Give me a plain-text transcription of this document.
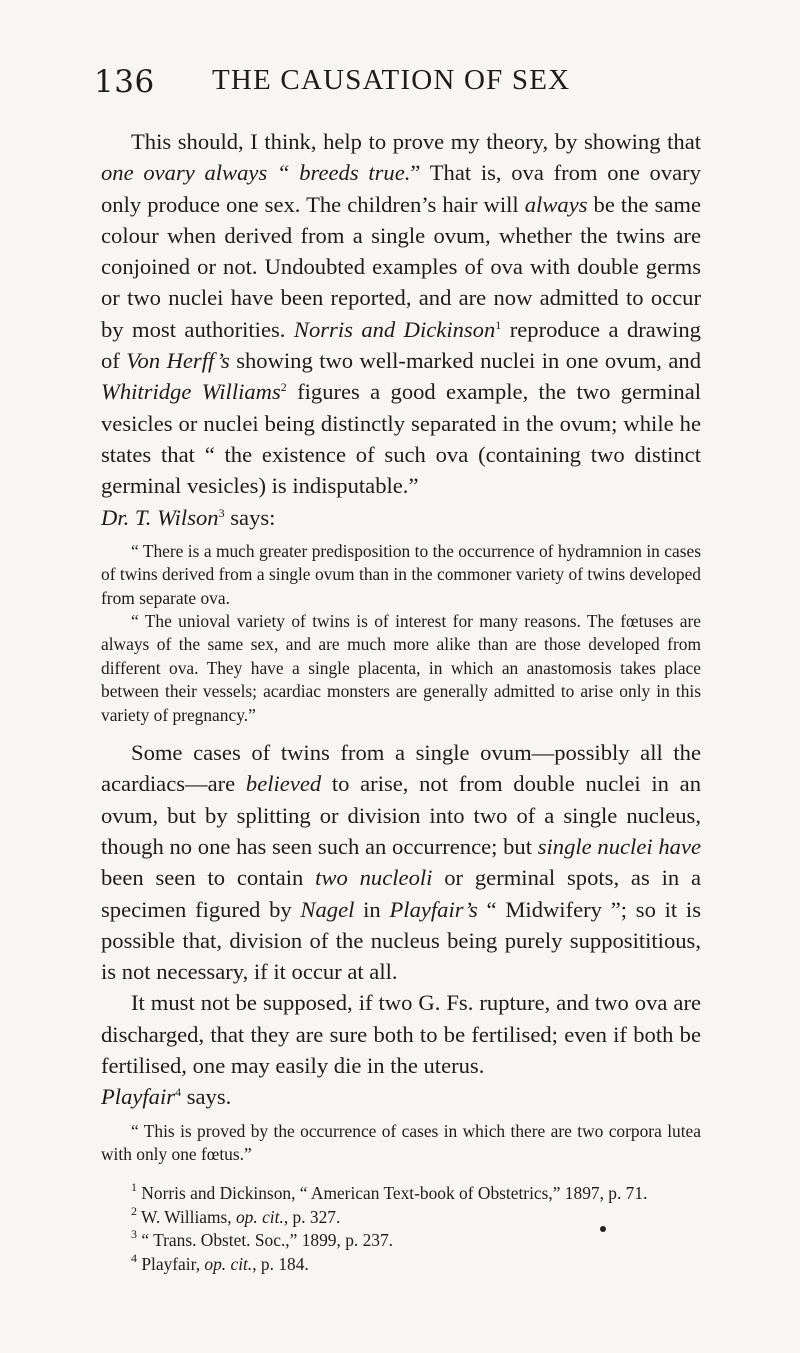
136 THE CAUSATION OF SEX

This should, I think, help to prove my theory, by showing that one ovary always “ breeds true.” That is, ova from one ovary only produce one sex. The children’s hair will always be the same colour when derived from a single ovum, whether the twins are conjoined or not. Undoubted examples of ova with double germs or two nuclei have been reported, and are now admitted to occur by most authorities. Norris and Dickinson$^1$ reproduce a drawing of Von Herff’s showing two well-marked nuclei in one ovum, and Whitridge Williams$^2$ figures a good example, the two germinal vesicles or nuclei being distinctly separated in the ovum; while he states that “ the existence of such ova (containing two distinct germinal vesicles) is indisputable.”

Dr. T. Wilson$^3$ says:

“ There is a much greater predisposition to the occurrence of hydramnion in cases of twins derived from a single ovum than in the commoner variety of twins developed from separate ova.

“ The unioval variety of twins is of interest for many reasons. The fœtuses are always of the same sex, and are much more alike than are those developed from different ova. They have a single placenta, in which an anastomosis takes place between their vessels; acardiac monsters are generally admitted to arise only in this variety of pregnancy.”

Some cases of twins from a single ovum—possibly all the acardiacs—are believed to arise, not from double nuclei in an ovum, but by splitting or division into two of a single nucleus, though no one has seen such an occurrence; but single nuclei have been seen to contain two nucleoli or germinal spots, as in a specimen figured by Nagel in Playfair’s “ Midwifery ”; so it is possible that, division of the nucleus being purely supposititious, is not necessary, if it occur at all.

It must not be supposed, if two G. Fs. rupture, and two ova are discharged, that they are sure both to be fertilised; even if both be fertilised, one may easily die in the uterus.

Playfair$^4$ says.

“ This is proved by the occurrence of cases in which there are two corpora lutea with only one fœtus.”

$^1$ Norris and Dickinson, “ American Text-book of Obstetrics,” 1897, p. 71.
$^2$ W. Williams, op. cit., p. 327.
$^3$ “ Trans. Obstet. Soc.,” 1899, p. 237.
$^4$ Playfair, op. cit., p. 184.
